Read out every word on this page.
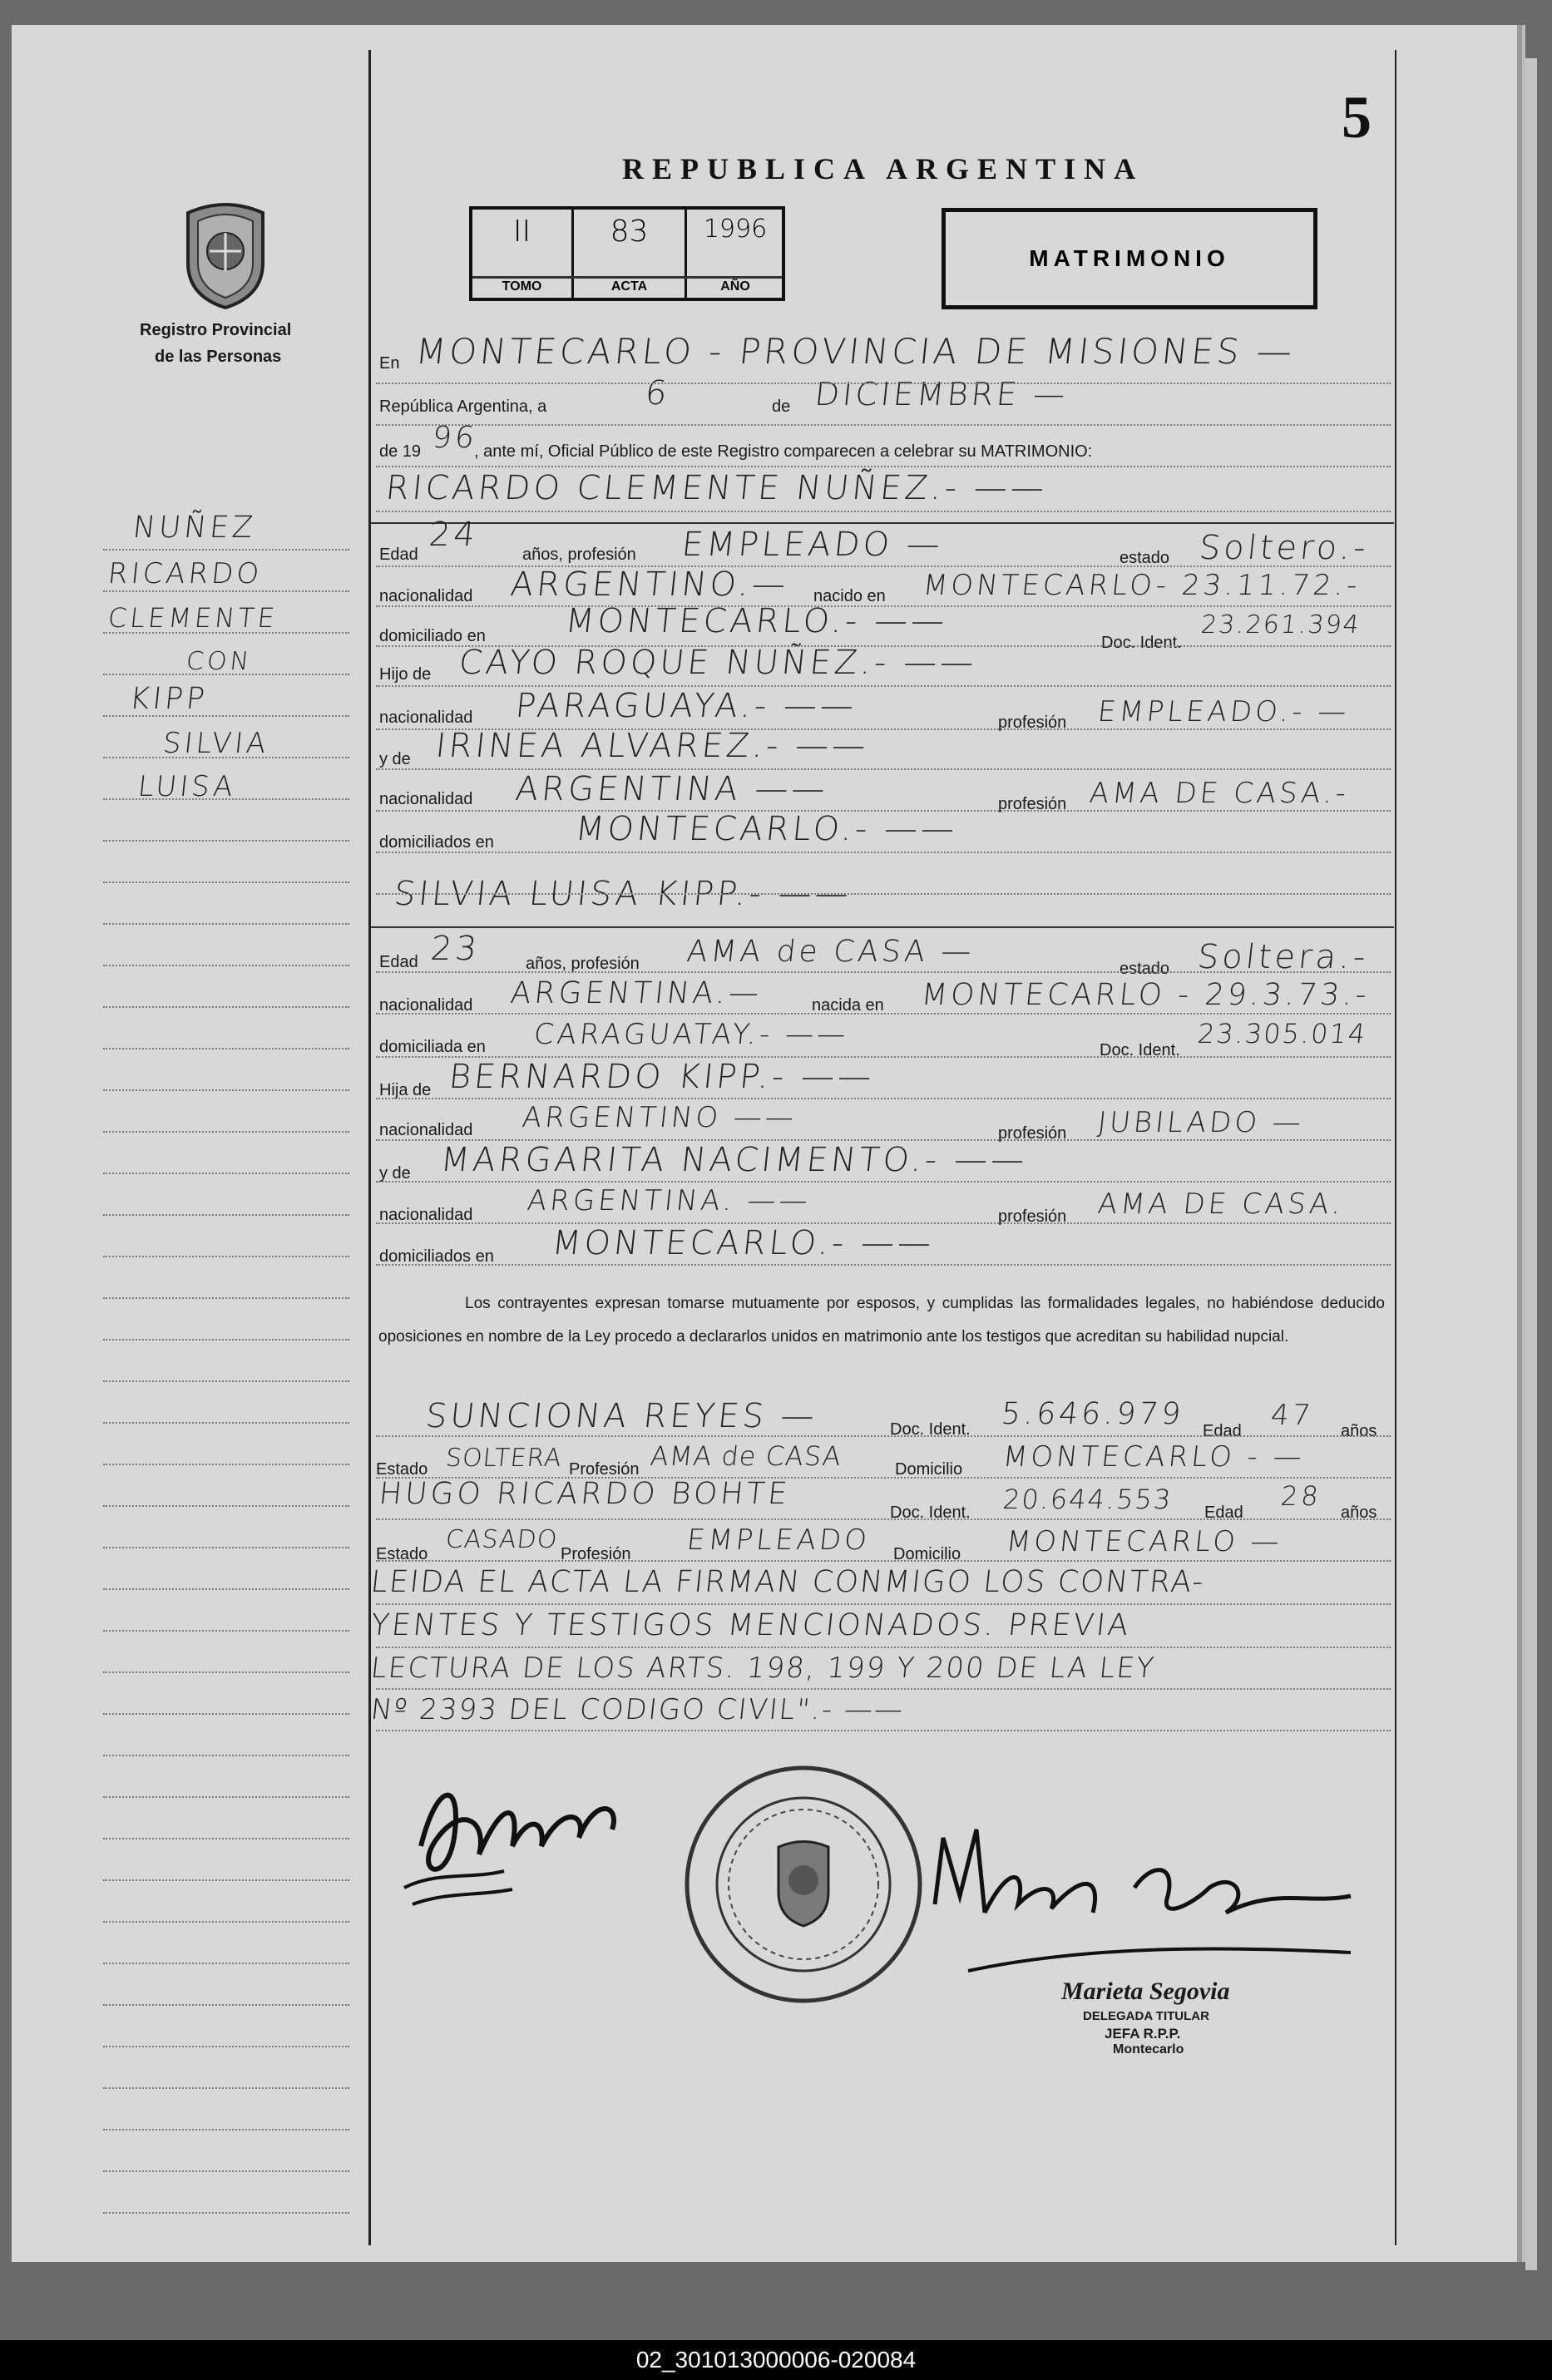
5
REPUBLICA ARGENTINA
Registro Provincial
de las Personas
II
TOMO
83
ACTA
1996
AÑO
MATRIMONIO
NUÑEZ
RICARDO
CLEMENTE
CON
KIPP
SILVIA
LUISA
En MONTECARLO - PROVINCIA DE MISIONES —
República Argentina, a	6	de DICIEMBRE —
de 19 96
, ante mí, Oficial Público de este Registro comparecen a celebrar su MATRIMONIO:
RICARDO CLEMENTE NUÑEZ.- ——
Edad
24
años, profesión EMPLEADO —	estado Soltero.-
nacionalidad ARGENTINO.— nacido en MONTECARLO- 23.11.72.-
domiciliado en MONTECARLO.- ——
Doc. Ident.
23.261.394
Hijo de CAYO ROQUE NUÑEZ.- ——
nacionalidad PARAGUAYA.- ——	profesión EMPLEADO.- —
y de IRINEA ALVAREZ.- ——
nacionalidad ARGENTINA ——	profesión AMA DE CASA.-
domiciliados en MONTECARLO.- ——
SILVIA LUISA KIPP.- ——
Edad 23	años, profesión AMA de CASA —	estado Soltera.-
nacionalidad ARGENTINA.—	nacida en MONTECARLO - 29.3.73.-
domiciliada en CARAGUATAY.- ——	Doc. Ident.
23.305.014
Hija de BERNARDO KIPP.- ——
nacionalidad ARGENTINO ——	profesión JUBILADO —
y de MARGARITA NACIMENTO.- ——
nacionalidad ARGENTINA. ——	profesión AMA DE CASA.
domiciliados en MONTECARLO.- ——
Los contrayentes expresan tomarse mutuamente por esposos, y cumplidas las formalidades legales, no habiéndose deducido oposiciones en nombre de la Ley procedo a declararlos unidos en matrimonio ante los testigos que acreditan su habilidad nupcial.
SUNCIONA REYES —	Doc. Ident. 5.646.979 Edad 47 años
Estado SOLTERA Profesión AMA de CASA	Domicilio MONTECARLO - —
HUGO RICARDO BOHTE
Doc. Ident. 20.644.553 Edad
28
años
Estado CASADO Profesión EMPLEADO Domicilio MONTECARLO —
LEIDA EL ACTA LA FIRMAN CONMIGO LOS CONTRA-
YENTES Y TESTIGOS MENCIONADOS. PREVIA
LECTURA DE LOS ARTS. 198, 199 Y 200 DE LA LEY
Nº 2393 DEL CODIGO CIVIL".- ——
Marieta Segovia
DELEGADA TITULAR
JEFA R.P.P.
Montecarlo
02_301013000006-020084
